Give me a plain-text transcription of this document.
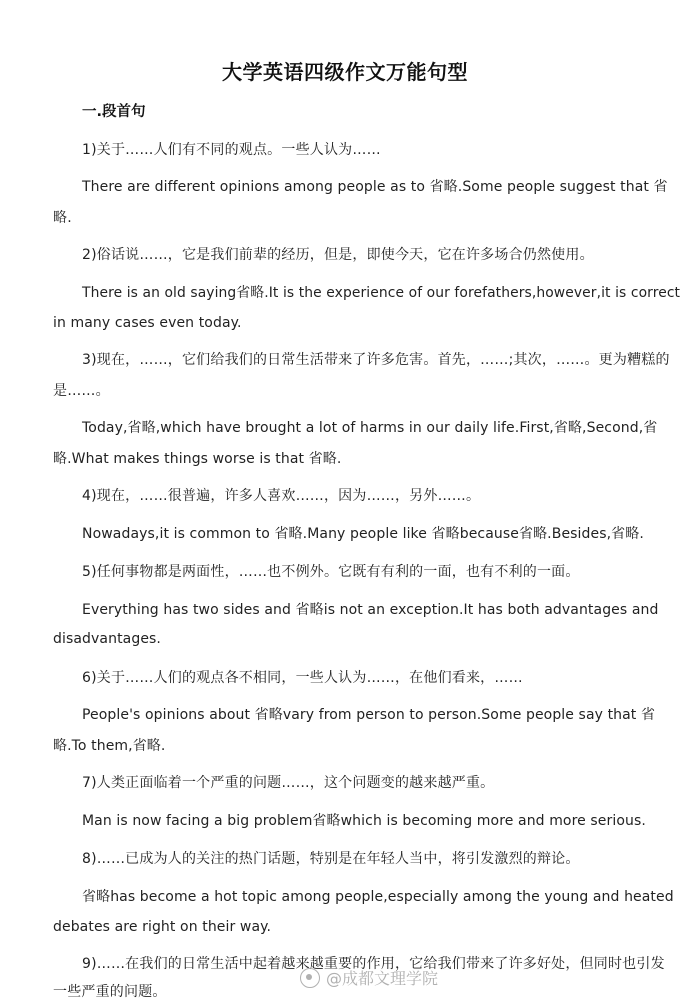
大学英语四级作文万能句型
一.段首句
1)关于……人们有不同的观点。一些人认为……
There are different opinions among people as to 省略.Some people suggest that 省
略.
2)俗话说……，它是我们前辈的经历，但是，即使今天，它在许多场合仍然使用。
There is an old saying省略.It is the experience of our forefathers,however,it is correct
in many cases even today.
3)现在，……，它们给我们的日常生活带来了许多危害。首先，……;其次，……。更为糟糕的
是……。
Today,省略,which have brought a lot of harms in our daily life.First,省略,Second,省
略.What makes things worse is that 省略.
4)现在，……很普遍，许多人喜欢……，因为……，另外……。
Nowadays,it is common to 省略.Many people like 省略because省略.Besides,省略.
5)任何事物都是两面性，……也不例外。它既有有利的一面，也有不利的一面。
Everything has two sides and 省略is not an exception.It has both advantages and
disadvantages.
6)关于……人们的观点各不相同，一些人认为……，在他们看来，……
People's opinions about 省略vary from person to person.Some people say that 省
略.To them,省略.
7)人类正面临着一个严重的问题……，这个问题变的越来越严重。
Man is now facing a big problem省略which is becoming more and more serious.
8)……已成为人的关注的热门话题，特别是在年轻人当中，将引发激烈的辩论。
省略has become a hot topic among people,especially among the young and heated
debates are right on their way.
9)……在我们的日常生活中起着越来越重要的作用，它给我们带来了许多好处，但同时也引发
一些严重的问题。
@成都文理学院
